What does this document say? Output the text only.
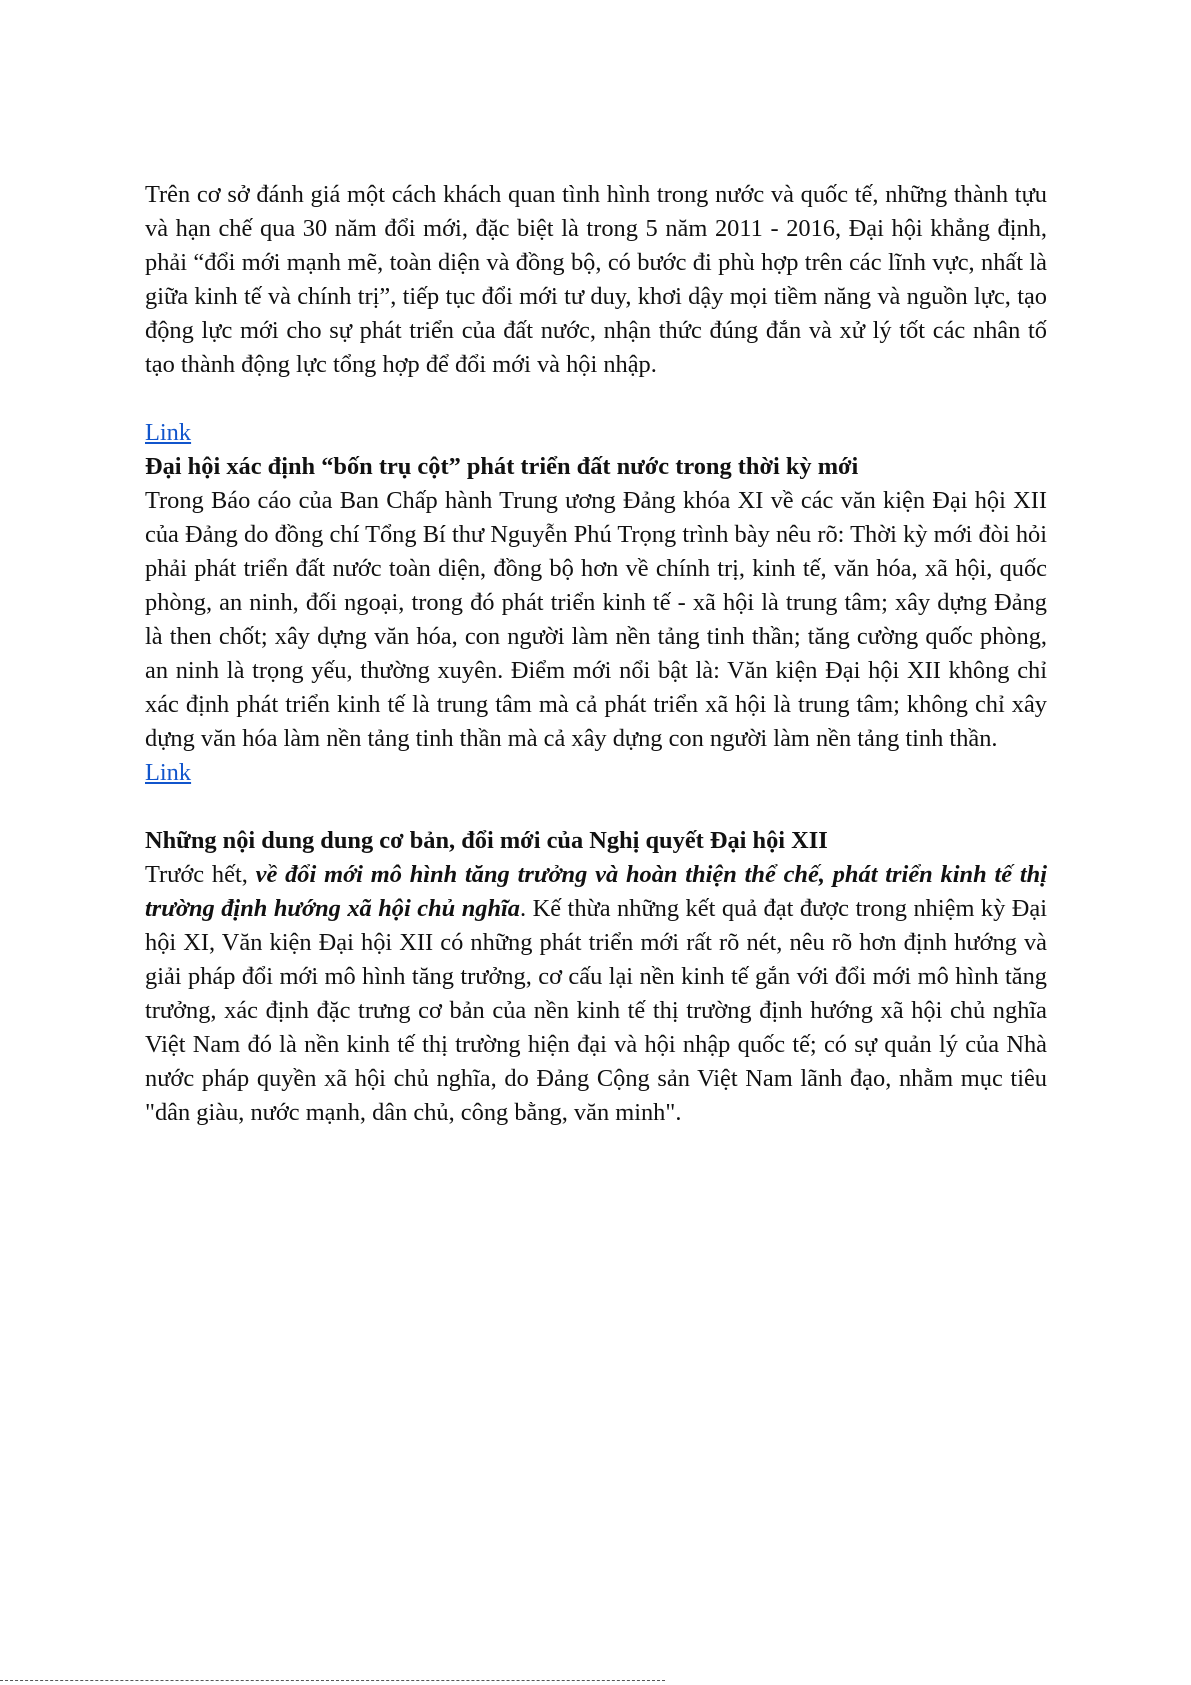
Trên cơ sở đánh giá một cách khách quan tình hình trong nước và quốc tế, những thành tựu và hạn chế qua 30 năm đổi mới, đặc biệt là trong 5 năm 2011 - 2016, Đại hội khẳng định, phải “đổi mới mạnh mẽ, toàn diện và đồng bộ, có bước đi phù hợp trên các lĩnh vực, nhất là giữa kinh tế và chính trị”, tiếp tục đổi mới tư duy, khơi dậy mọi tiềm năng và nguồn lực, tạo động lực mới cho sự phát triển của đất nước, nhận thức đúng đắn và xử lý tốt các nhân tố tạo thành động lực tổng hợp để đổi mới và hội nhập.

Link

Đại hội xác định “bốn trụ cột” phát triển đất nước trong thời kỳ mới

Trong Báo cáo của Ban Chấp hành Trung ương Đảng khóa XI về các văn kiện Đại hội XII của Đảng do đồng chí Tổng Bí thư Nguyễn Phú Trọng trình bày nêu rõ: Thời kỳ mới đòi hỏi phải phát triển đất nước toàn diện, đồng bộ hơn về chính trị, kinh tế, văn hóa, xã hội, quốc phòng, an ninh, đối ngoại, trong đó phát triển kinh tế - xã hội là trung tâm; xây dựng Đảng là then chốt; xây dựng văn hóa, con người làm nền tảng tinh thần; tăng cường quốc phòng, an ninh là trọng yếu, thường xuyên. Điểm mới nổi bật là: Văn kiện Đại hội XII không chỉ xác định phát triển kinh tế là trung tâm mà cả phát triển xã hội là trung tâm; không chỉ xây dựng văn hóa làm nền tảng tinh thần mà cả xây dựng con người làm nền tảng tinh thần.

Link

Những nội dung dung cơ bản, đổi mới của Nghị quyết Đại hội XII

Trước hết, về đổi mới mô hình tăng trưởng và hoàn thiện thể chế, phát triển kinh tế thị trường định hướng xã hội chủ nghĩa. Kế thừa những kết quả đạt được trong nhiệm kỳ Đại hội XI, Văn kiện Đại hội XII có những phát triển mới rất rõ nét, nêu rõ hơn định hướng và giải pháp đổi mới mô hình tăng trưởng, cơ cấu lại nền kinh tế gắn với đổi mới mô hình tăng trưởng, xác định đặc trưng cơ bản của nền kinh tế thị trường định hướng xã hội chủ nghĩa Việt Nam đó là nền kinh tế thị trường hiện đại và hội nhập quốc tế; có sự quản lý của Nhà nước pháp quyền xã hội chủ nghĩa, do Đảng Cộng sản Việt Nam lãnh đạo, nhằm mục tiêu "dân giàu, nước mạnh, dân chủ, công bằng, văn minh".
